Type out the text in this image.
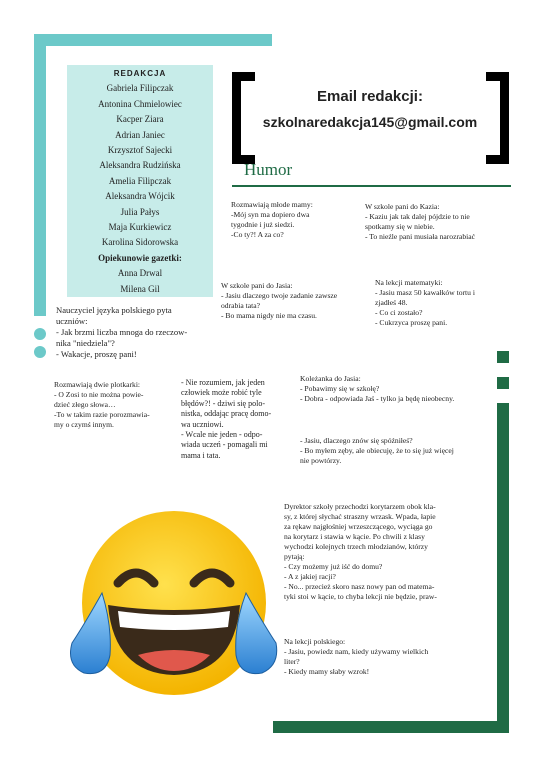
REDAKCJA
Gabriela Filipczak
Antonina Chmielowiec
Kacper Ziara
Adrian Janiec
Krzysztof Sajecki
Aleksandra Rudzińska
Amelia Filipczak
Aleksandra Wójcik
Julia Pałys
Maja Kurkiewicz
Karolina Sidorowska
Opiekunowie gazetki:
Anna Drwal
Milena Gil
Email redakcji:
szkolnaredakcja145@gmail.com
Humor
Rozmawiają młode mamy:
-Mój syn ma dopiero dwa
tygodnie i już siedzi.
-Co ty?! A za co?
W szkole pani do Kazia:
- Kaziu jak tak dalej pójdzie to nie
spotkamy się w niebie.
- To nieźle pani musiała narozrabiać
W szkole pani do Jasia:
- Jasiu dlaczego twoje zadanie zawsze
odrabia tata?
- Bo mama nigdy nie ma czasu.
Na lekcji matematyki:
- Jasiu masz 50 kawałków tortu i
zjadłeś 48.
- Co ci zostało?
- Cukrzyca proszę pani.
Nauczyciel języka polskiego pyta
uczniów:
- Jak brzmi liczba mnoga do rzeczow-
nika "niedziela"?
- Wakacje, proszę pani!
Rozmawiają dwie plotkarki:
- O Zosi to nie można powie-
dzieć złego słowa…
-To w takim razie porozmawia-
my o czymś innym.
- Nie rozumiem, jak jeden
człowiek może robić tyle
błędów?! - dziwi się polo-
nistka, oddając pracę domo-
wa uczniowi.
- Wcale nie jeden - odpo-
wiada uczeń - pomagali mi
mama i tata.
Koleżanka do Jasia:
- Pobawimy się w szkołę?
- Dobra - odpowiada Jaś - tylko ja będę nieobecny.
- Jasiu, dlaczego znów się spóźniłeś?
- Bo myłem zęby, ale obiecuję, że to się już więcej
nie powtórzy.
Dyrektor szkoły przechodzi korytarzem obok kla-
sy, z której słychać straszny wrzask. Wpada, łapie
za rękaw najgłośniej wrzeszczącego, wyciąga go
na korytarz i stawia w kącie. Po chwili z klasy
wychodzi kolejnych trzech młodzianów, którzy
pytają:
- Czy możemy już iść do domu?
- A z jakiej racji?
- No... przecież skoro nasz nowy pan od matema-
tyki stoi w kącie, to chyba lekcji nie będzie, praw-
Na lekcji polskiego:
- Jasiu, powiedz nam, kiedy używamy wielkich
liter?
- Kiedy mamy słaby wzrok!
